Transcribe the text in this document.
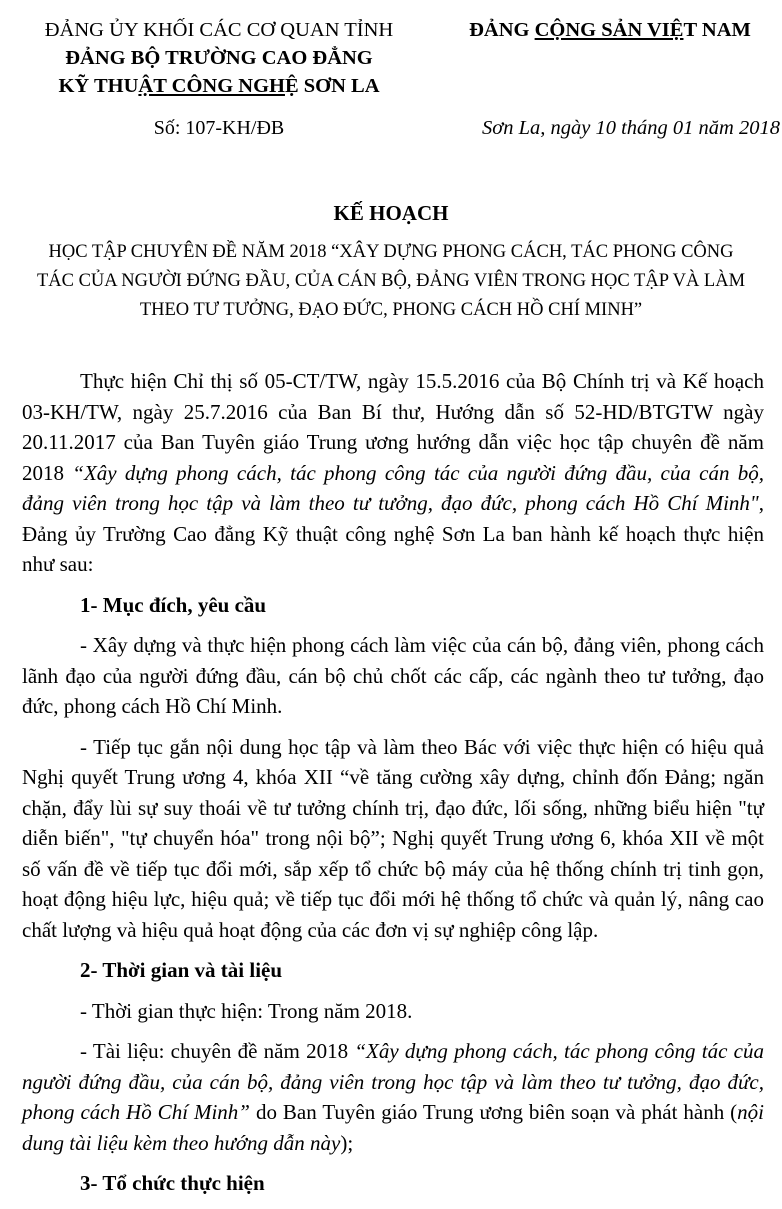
ĐẢNG ỦY KHỐI CÁC CƠ QUAN TỈNH
ĐẢNG BỘ TRƯỜNG CAO ĐẲNG
KỸ THUẬT CÔNG NGHỆ SƠN LA
ĐẢNG CỘNG SẢN VIỆT NAM
Số: 107-KH/ĐB	Sơn La, ngày 10 tháng 01 năm 2018
KẾ HOẠCH
HỌC TẬP CHUYÊN ĐỀ NĂM 2018 “XÂY DỰNG PHONG CÁCH, TÁC PHONG CÔNG TÁC CỦA NGƯỜI ĐỨNG ĐẦU, CỦA CÁN BỘ, ĐẢNG VIÊN TRONG HỌC TẬP VÀ LÀM THEO TƯ TƯỞNG, ĐẠO ĐỨC, PHONG CÁCH HỒ CHÍ MINH”

Thực hiện Chỉ thị số 05-CT/TW, ngày 15.5.2016 của Bộ Chính trị và Kế hoạch 03-KH/TW, ngày 25.7.2016 của Ban Bí thư, Hướng dẫn số 52-HD/BTGTW ngày 20.11.2017 của Ban Tuyên giáo Trung ương hướng dẫn việc học tập chuyên đề năm 2018 “Xây dựng phong cách, tác phong công tác của người đứng đầu, của cán bộ, đảng viên trong học tập và làm theo tư tưởng, đạo đức, phong cách Hồ Chí Minh", Đảng ủy Trường Cao đẳng Kỹ thuật công nghệ Sơn La ban hành kế hoạch thực hiện như sau:

1- Mục đích, yêu cầu

- Xây dựng và thực hiện phong cách làm việc của cán bộ, đảng viên, phong cách lãnh đạo của người đứng đầu, cán bộ chủ chốt các cấp, các ngành theo tư tưởng, đạo đức, phong cách Hồ Chí Minh.

- Tiếp tục gắn nội dung học tập và làm theo Bác với việc thực hiện có hiệu quả Nghị quyết Trung ương 4, khóa XII “về tăng cường xây dựng, chỉnh đốn Đảng; ngăn chặn, đẩy lùi sự suy thoái về tư tưởng chính trị, đạo đức, lối sống, những biểu hiện "tự diễn biến", "tự chuyển hóa" trong nội bộ”; Nghị quyết Trung ương 6, khóa XII về một số vấn đề về tiếp tục đổi mới, sắp xếp tổ chức bộ máy của hệ thống chính trị tinh gọn, hoạt động hiệu lực, hiệu quả; về tiếp tục đổi mới hệ thống tổ chức và quản lý, nâng cao chất lượng và hiệu quả hoạt động của các đơn vị sự nghiệp công lập.

2- Thời gian và tài liệu

- Thời gian thực hiện: Trong năm 2018.

- Tài liệu: chuyên đề năm 2018 “Xây dựng phong cách, tác phong công tác của người đứng đầu, của cán bộ, đảng viên trong học tập và làm theo tư tưởng, đạo đức, phong cách Hồ Chí Minh” do Ban Tuyên giáo Trung ương biên soạn và phát hành (nội dung tài liệu kèm theo hướng dẫn này);

3- Tổ chức thực hiện
